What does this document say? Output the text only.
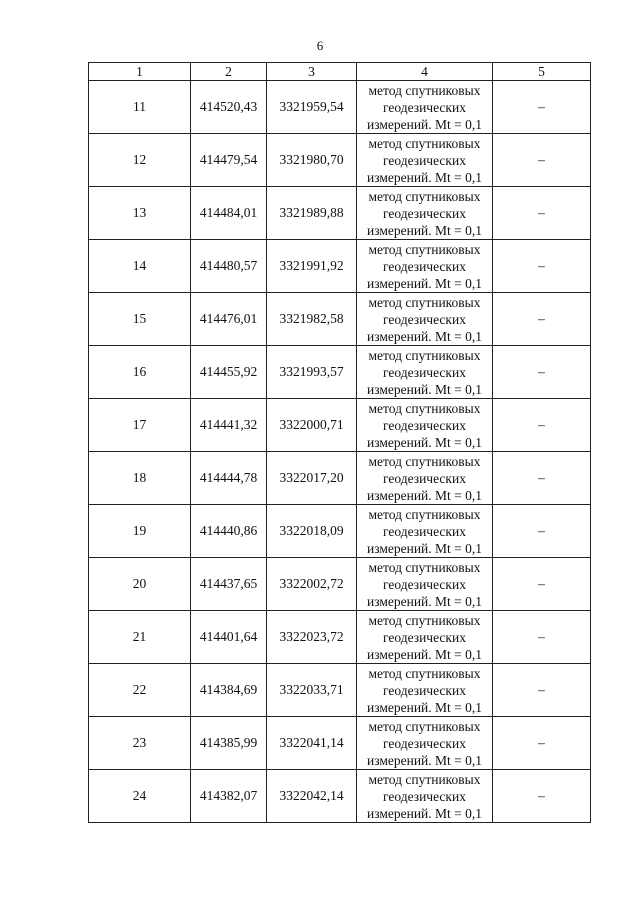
6
1	2	3	4	5
11	414520,43	3321959,54	метод спутниковых
геодезических
измерений. Mt = 0,1	–
12	414479,54	3321980,70	метод спутниковых
геодезических
измерений. Mt = 0,1	–
13	414484,01	3321989,88	метод спутниковых
геодезических
измерений. Mt = 0,1	–
14	414480,57	3321991,92	метод спутниковых
геодезических
измерений. Mt = 0,1	–
15	414476,01	3321982,58	метод спутниковых
геодезических
измерений. Mt = 0,1	–
16	414455,92	3321993,57	метод спутниковых
геодезических
измерений. Mt = 0,1	–
17	414441,32	3322000,71	метод спутниковых
геодезических
измерений. Mt = 0,1	–
18	414444,78	3322017,20	метод спутниковых
геодезических
измерений. Mt = 0,1	–
19	414440,86	3322018,09	метод спутниковых
геодезических
измерений. Mt = 0,1	–
20	414437,65	3322002,72	метод спутниковых
геодезических
измерений. Mt = 0,1	–
21	414401,64	3322023,72	метод спутниковых
геодезических
измерений. Mt = 0,1	–
22	414384,69	3322033,71	метод спутниковых
геодезических
измерений. Mt = 0,1	–
23	414385,99	3322041,14	метод спутниковых
геодезических
измерений. Mt = 0,1	–
24	414382,07	3322042,14	метод спутниковых
геодезических
измерений. Mt = 0,1	–
